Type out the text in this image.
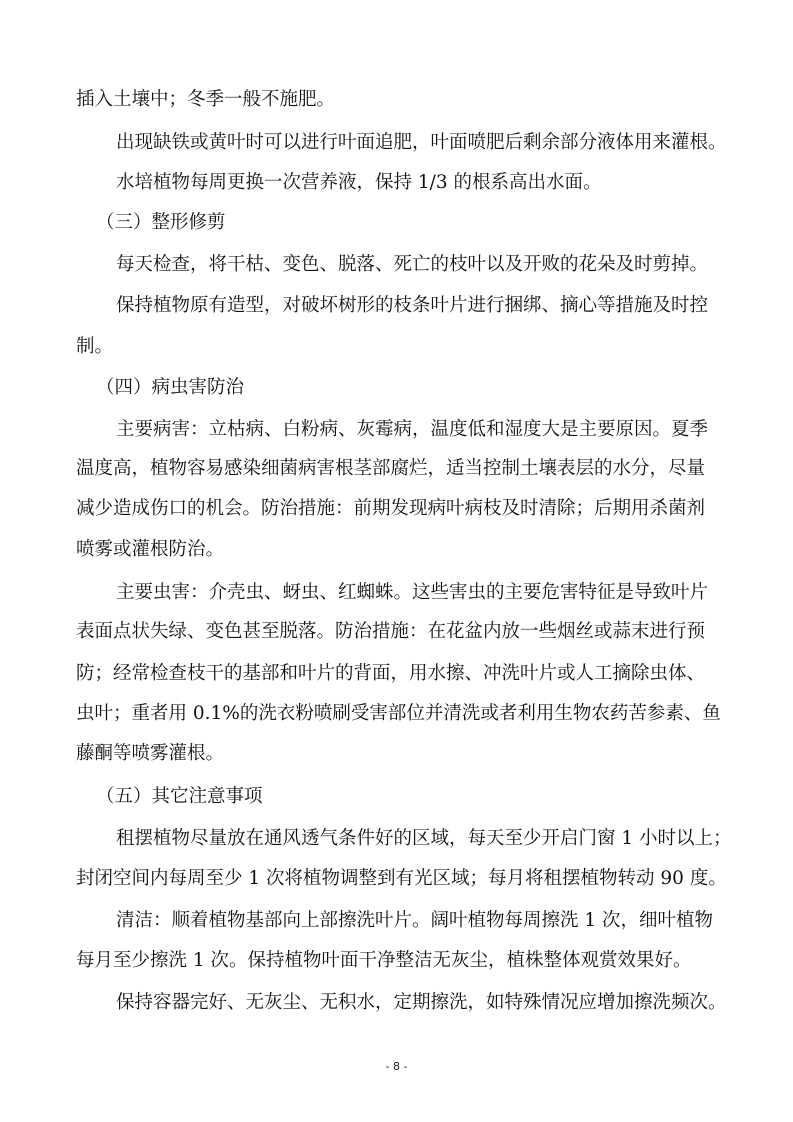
插入土壤中；冬季一般不施肥。
出现缺铁或黄叶时可以进行叶面追肥，叶面喷肥后剩余部分液体用来灌根。
水培植物每周更换一次营养液，保持 1/3 的根系高出水面。
（三）整形修剪
每天检查，将干枯、变色、脱落、死亡的枝叶以及开败的花朵及时剪掉。
保持植物原有造型，对破坏树形的枝条叶片进行捆绑、摘心等措施及时控
制。
（四）病虫害防治
主要病害：立枯病、白粉病、灰霉病，温度低和湿度大是主要原因。夏季
温度高，植物容易感染细菌病害根茎部腐烂，适当控制土壤表层的水分，尽量
减少造成伤口的机会。防治措施：前期发现病叶病枝及时清除；后期用杀菌剂
喷雾或灌根防治。
主要虫害：介壳虫、蚜虫、红蜘蛛。这些害虫的主要危害特征是导致叶片
表面点状失绿、变色甚至脱落。防治措施：在花盆内放一些烟丝或蒜末进行预
防；经常检查枝干的基部和叶片的背面，用水擦、冲洗叶片或人工摘除虫体、
虫叶；重者用 0.1%的洗衣粉喷刷受害部位并清洗或者利用生物农药苦参素、鱼
藤酮等喷雾灌根。
（五）其它注意事项
租摆植物尽量放在通风透气条件好的区域，每天至少开启门窗 1 小时以上；
封闭空间内每周至少 1 次将植物调整到有光区域；每月将租摆植物转动 90 度。
清洁：顺着植物基部向上部擦洗叶片。阔叶植物每周擦洗 1 次，细叶植物
每月至少擦洗 1 次。保持植物叶面干净整洁无灰尘，植株整体观赏效果好。
保持容器完好、无灰尘、无积水，定期擦洗，如特殊情况应增加擦洗频次。
- 8 -
